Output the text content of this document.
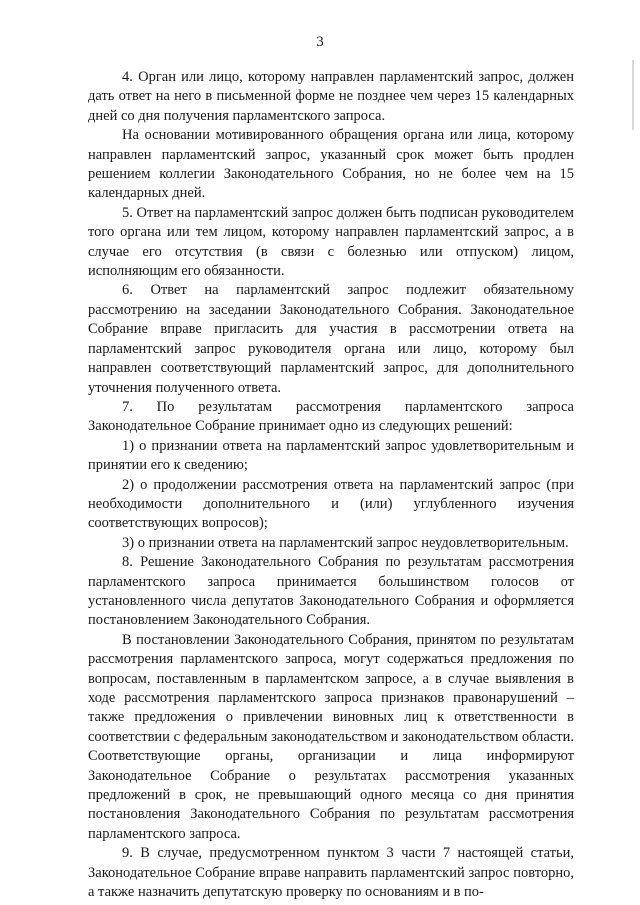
3

4. Орган или лицо, которому направлен парламентский запрос, должен дать ответ на него в письменной форме не позднее чем через 15 календарных дней со дня получения парламентского запроса.

На основании мотивированного обращения органа или лица, которому направлен парламентский запрос, указанный срок может быть продлен решением коллегии Законодательного Собрания, но не более чем на 15 календарных дней.

5. Ответ на парламентский запрос должен быть подписан руководителем того органа или тем лицом, которому направлен парламентский запрос, а в случае его отсутствия (в связи с болезнью или отпуском) лицом, исполняющим его обязанности.

6. Ответ на парламентский запрос подлежит обязательному рассмотрению на заседании Законодательного Собрания. Законодательное Собрание вправе пригласить для участия в рассмотрении ответа на парламентский запрос руководителя органа или лицо, которому был направлен соответствующий парламентский запрос, для дополнительного уточнения полученного ответа.

7. По результатам рассмотрения парламентского запроса Законодательное Собрание принимает одно из следующих решений:

1) о признании ответа на парламентский запрос удовлетворительным и принятии его к сведению;

2) о продолжении рассмотрения ответа на парламентский запрос (при необходимости дополнительного и (или) углубленного изучения соответствующих вопросов);

3) о признании ответа на парламентский запрос неудовлетворительным.

8. Решение Законодательного Собрания по результатам рассмотрения парламентского запроса принимается большинством голосов от установленного числа депутатов Законодательного Собрания и оформляется постановлением Законодательного Собрания.

В постановлении Законодательного Собрания, принятом по результатам рассмотрения парламентского запроса, могут содержаться предложения по вопросам, поставленным в парламентском запросе, а в случае выявления в ходе рассмотрения парламентского запроса признаков правонарушений – также предложения о привлечении виновных лиц к ответственности в соответствии с федеральным законодательством и законодательством области. Соответствующие органы, организации и лица информируют Законодательное Собрание о результатах рассмотрения указанных предложений в срок, не превышающий одного месяца со дня принятия постановления Законодательного Собрания по результатам рассмотрения парламентского запроса.

9. В случае, предусмотренном пунктом 3 части 7 настоящей статьи, Законодательное Собрание вправе направить парламентский запрос повторно, а также назначить депутатскую проверку по основаниям и в по-
